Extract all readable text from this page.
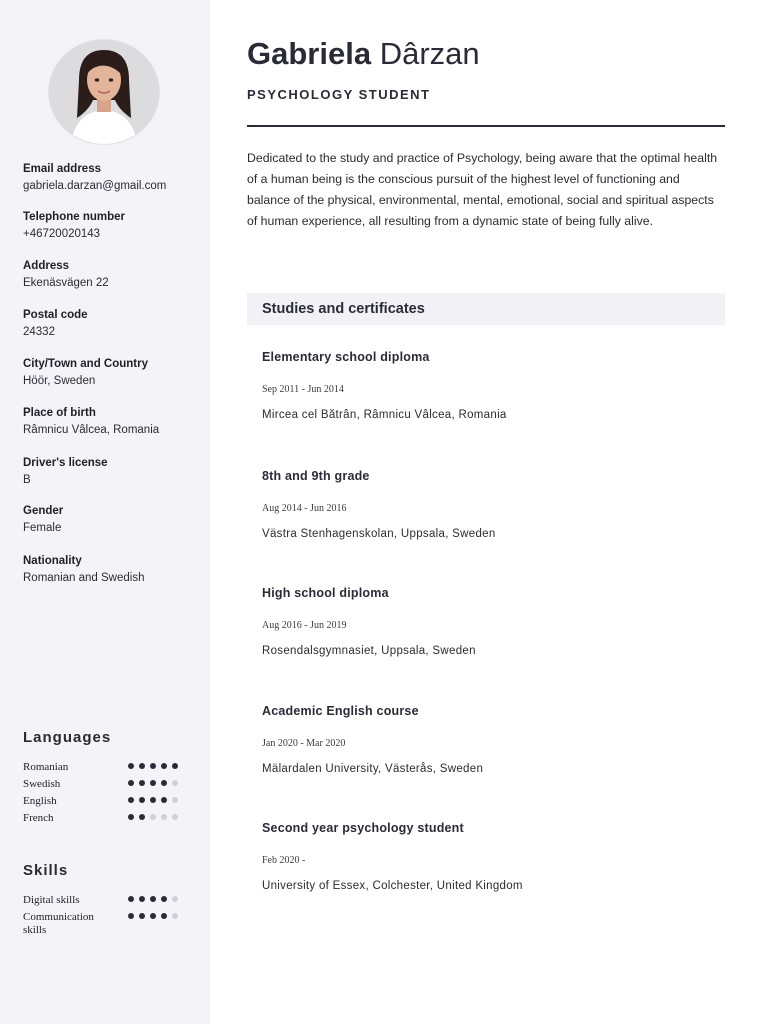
Email address
gabriela.darzan@gmail.com
Telephone number
+46720020143
Address
Ekenäsvägen 22
Postal code
24332
City/Town and Country
Höör, Sweden
Place of birth
Râmnicu Vâlcea, Romania
Driver's license
B
Gender
Female
Nationality
Romanian and Swedish
Languages
Romanian
Swedish
English
French
Skills
Digital skills
Communication skills
Gabriela Dârzan
PSYCHOLOGY STUDENT
Dedicated to the study and practice of Psychology, being aware that the optimal health of a human being is the conscious pursuit of the highest level of functioning and balance of the physical, environmental, mental, emotional, social and spiritual aspects of human experience, all resulting from a dynamic state of being fully alive.
Studies and certificates
Elementary school diploma
Sep 2011 - Jun 2014
Mircea cel Bătrân, Râmnicu Vâlcea, Romania
8th and 9th grade
Aug 2014 - Jun 2016
Västra Stenhagenskolan, Uppsala, Sweden
High school diploma
Aug 2016 - Jun 2019
Rosendalsgymnasiet, Uppsala, Sweden
Academic English course
Jan 2020 - Mar 2020
Mälardalen University, Västerås, Sweden
Second year psychology student
Feb 2020 -
University of Essex, Colchester, United Kingdom
